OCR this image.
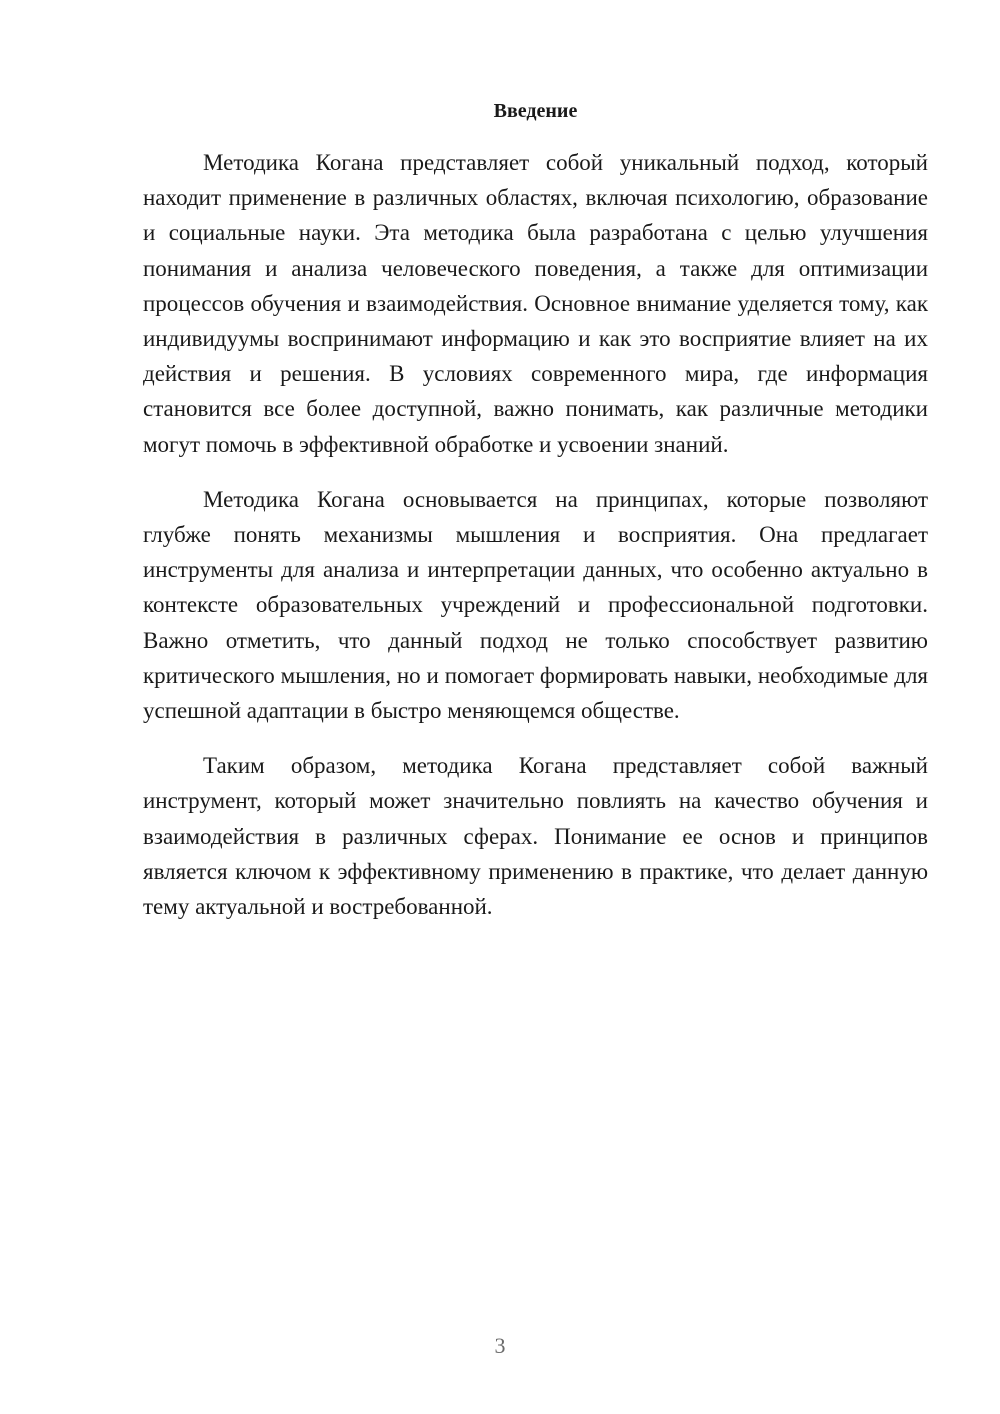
Введение

Методика Когана представляет собой уникальный подход, который находит применение в различных областях, включая психологию, образование и социальные науки. Эта методика была разработана с целью улучшения понимания и анализа человеческого поведения, а также для оптимизации процессов обучения и взаимодействия. Основное внимание уделяется тому, как индивидуумы воспринимают информацию и как это восприятие влияет на их действия и решения. В условиях современного мира, где информация становится все более доступной, важно понимать, как различные методики могут помочь в эффективной обработке и усвоении знаний.

Методика Когана основывается на принципах, которые позволяют глубже понять механизмы мышления и восприятия. Она предлагает инструменты для анализа и интерпретации данных, что особенно актуально в контексте образовательных учреждений и профессиональной подготовки. Важно отметить, что данный подход не только способствует развитию критического мышления, но и помогает формировать навыки, необходимые для успешной адаптации в быстро меняющемся обществе.

Таким образом, методика Когана представляет собой важный инструмент, который может значительно повлиять на качество обучения и взаимодействия в различных сферах. Понимание ее основ и принципов является ключом к эффективному применению в практике, что делает данную тему актуальной и востребованной.

3
